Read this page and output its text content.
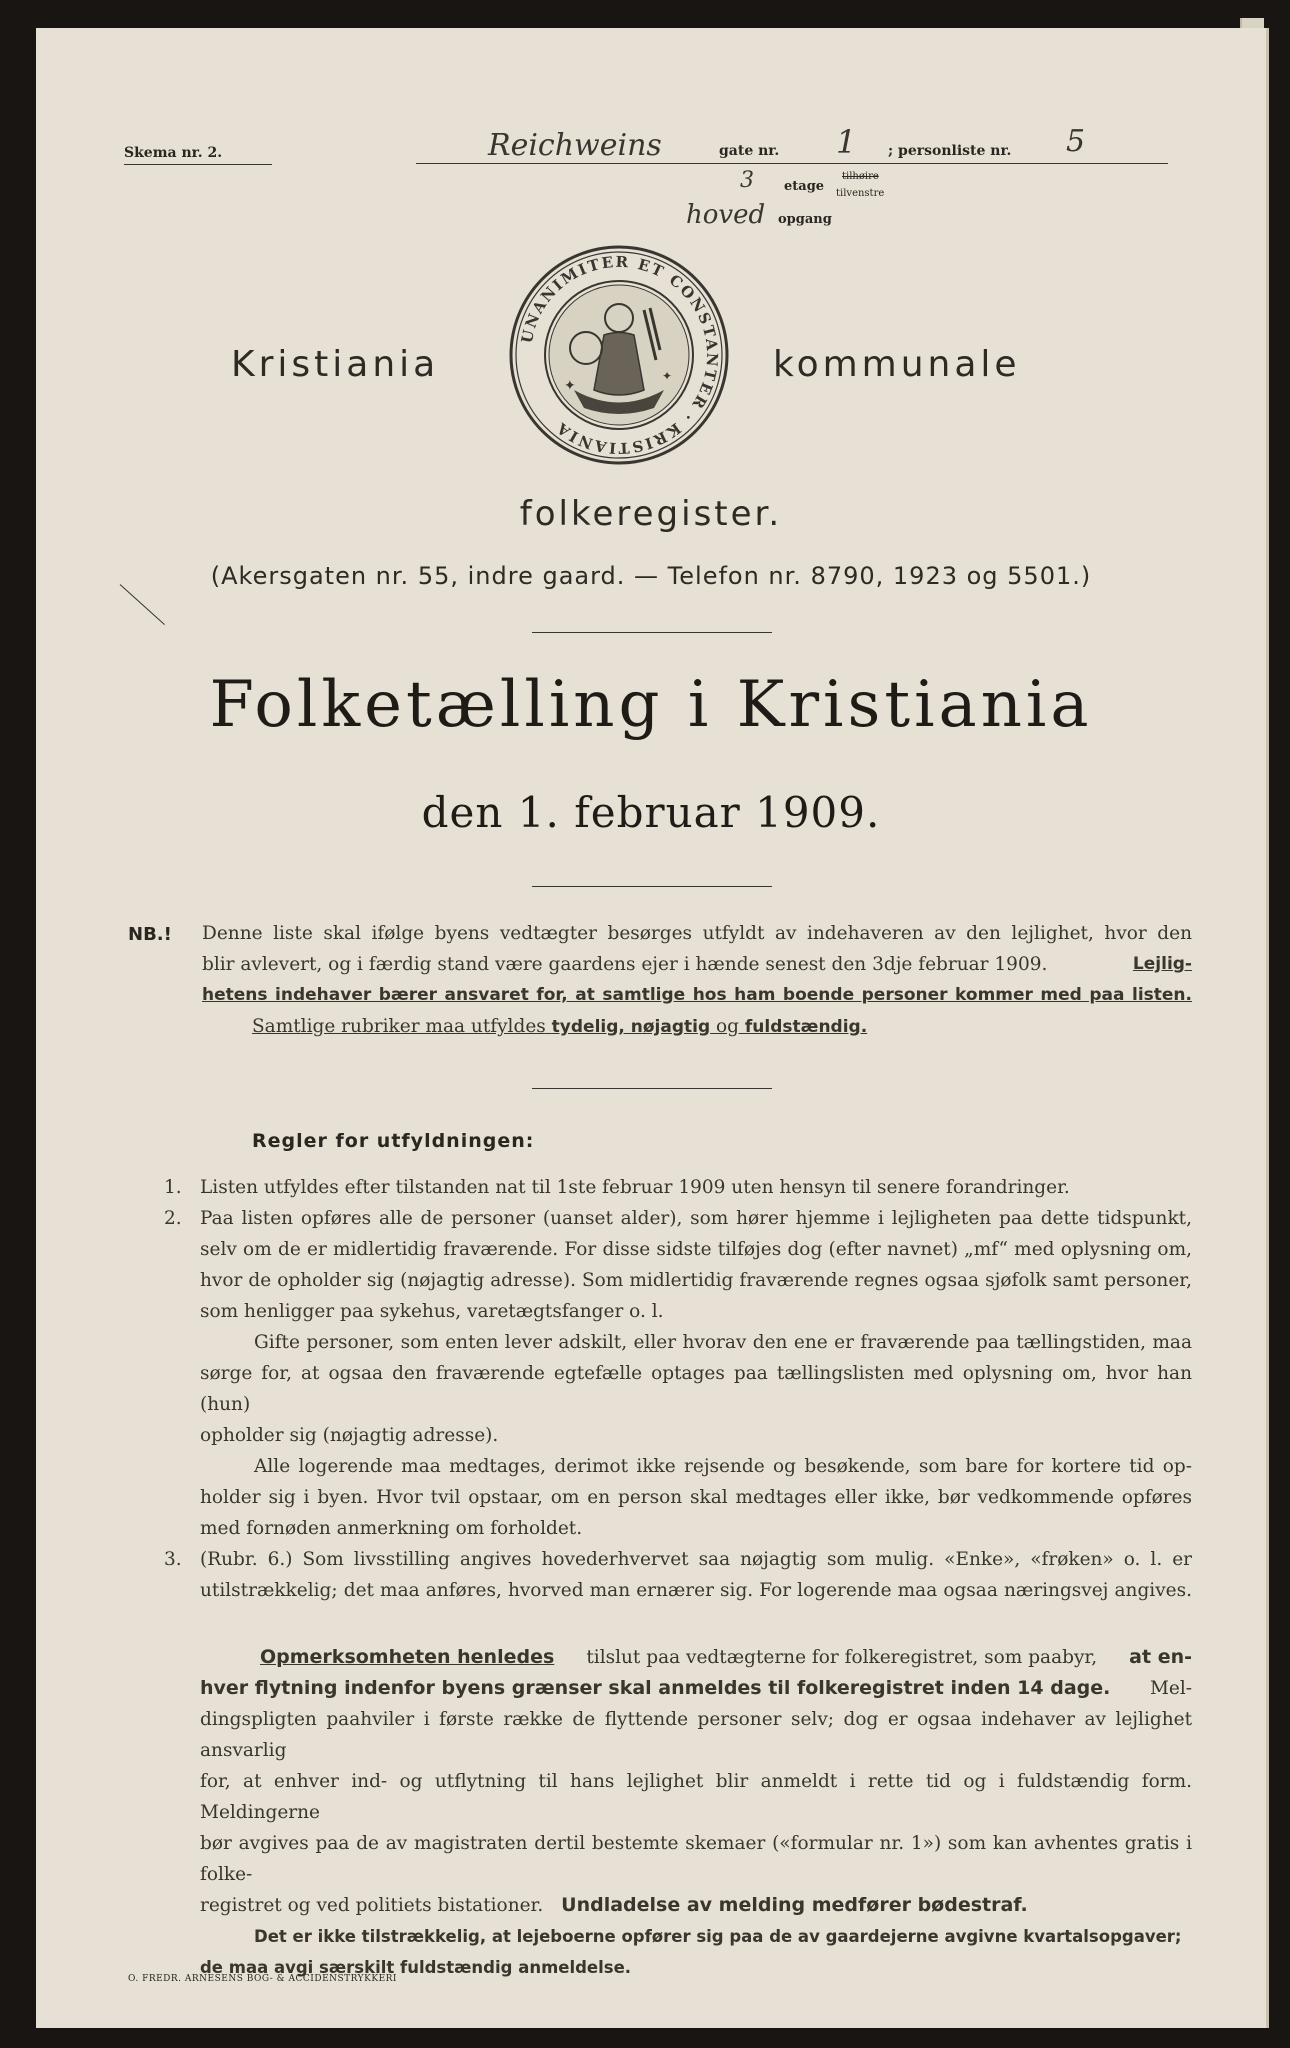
Skema nr. 2.	Reichweins	gate nr. 1 ; personliste nr. 5
3 etage
tilhøire
tilvenstre
hoved opgang
UNANIMITER ET CONSTANTER · KRISTIANIA
✦
✦
Kristiania	kommunale
folkeregister.
(Akersgaten nr. 55, indre gaard. — Telefon nr. 8790, 1923 og 5501.)
Folketælling i Kristiania
den 1. februar 1909.
NB.! Denne liste skal ifølge byens vedtægter besørges utfyldt av indehaveren av den lejlighet, hvor den
blir avlevert, og i færdig stand være gaardens ejer i hænde senest den 3dje februar 1909.	Lejlig-
hetens indehaver bærer ansvaret for, at samtlige hos ham boende personer kommer med paa listen.
Samtlige rubriker maa utfyldes tydelig, nøjagtig og fuldstændig.
Regler for utfyldningen:
1. Listen utfyldes efter tilstanden nat til 1ste februar 1909 uten hensyn til senere forandringer.

2. Paa listen opføres alle de personer (uanset alder), som hører hjemme i lejligheten paa dette tidspunkt,

selv om de er midlertidig fraværende. For disse sidste tilføjes dog (efter navnet) „mf“ med oplysning om,

hvor de opholder sig (nøjagtig adresse). Som midlertidig fraværende regnes ogsaa sjøfolk samt personer,

som henligger paa sykehus, varetægtsfanger o. l.

Gifte personer, som enten lever adskilt, eller hvorav den ene er fraværende paa tællingstiden, maa

sørge for, at ogsaa den fraværende egtefælle optages paa tællingslisten med oplysning om, hvor han (hun)

opholder sig (nøjagtig adresse).

Alle logerende maa medtages, derimot ikke rejsende og besøkende, som bare for kortere tid op-

holder sig i byen. Hvor tvil opstaar, om en person skal medtages eller ikke, bør vedkommende opføres

med fornøden anmerkning om forholdet.

3. (Rubr. 6.) Som livsstilling angives hovederhvervet saa nøjagtig som mulig. «Enke», «frøken» o. l. er

utilstrækkelig; det maa anføres, hvorved man ernærer sig. For logerende maa ogsaa næringsvej angives.

Opmerksomheten henledes tilslut paa vedtægterne for folkeregistret, som paabyr, at en-
hver flytning indenfor byens grænser skal anmeldes til folkeregistret inden 14 dage. Mel-
dingspligten paahviler i første række de flyttende personer selv; dog er ogsaa indehaver av lejlighet ansvarlig
for, at enhver ind- og utflytning til hans lejlighet blir anmeldt i rette tid og i fuldstændig form. Meldingerne
bør avgives paa de av magistraten dertil bestemte skemaer («formular nr. 1») som kan avhentes gratis i folke-
registret og ved politiets bistationer. Undladelse av melding medfører bødestraf.
Det er ikke tilstrækkelig, at lejeboerne opfører sig paa de av gaardejerne avgivne kvartalsopgaver;
de maa avgi særskilt fuldstændig anmeldelse.
O. FREDR. ARNESENS BOG- & ACCIDENSTRYKKERI
